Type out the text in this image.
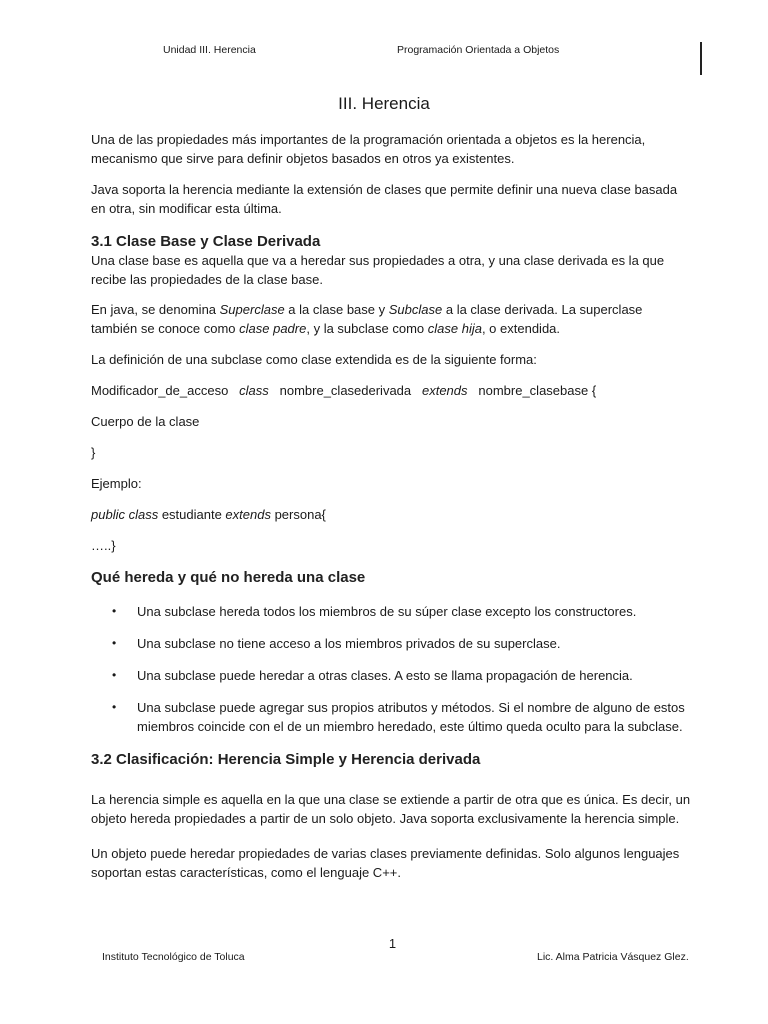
Unidad III. Herencia	Programación Orientada a Objetos
III. Herencia
Una de las propiedades más importantes de la programación orientada a objetos es la herencia, mecanismo que sirve para definir objetos basados en otros ya existentes.
Java soporta la herencia mediante la extensión de clases que permite definir una nueva clase basada en otra, sin modificar esta última.
3.1 Clase Base y Clase Derivada
Una clase base es aquella que va a heredar sus propiedades a otra, y una clase derivada es la que recibe las propiedades de la clase base.
En java, se denomina Superclase a la clase base y Subclase a la clase derivada. La superclase también se conoce como clase padre, y la subclase como clase hija, o extendida.
La definición de una subclase como clase extendida es de la siguiente forma:
Modificador_de_acceso   class   nombre_clasederivada   extends   nombre_clasebase {
Cuerpo de la clase
}
Ejemplo:
public class estudiante extends persona{
…..}
Qué hereda y qué no hereda una clase
• Una subclase hereda todos los miembros de su súper clase excepto los constructores.
• Una subclase no tiene acceso a los miembros privados de su superclase.
• Una subclase puede heredar a otras clases. A esto se llama propagación de herencia.
• Una subclase puede agregar sus propios atributos y métodos. Si el nombre de alguno de estos miembros coincide con el de un miembro heredado, este último queda oculto para la subclase.
3.2 Clasificación: Herencia Simple y Herencia derivada
La herencia simple es aquella en la que una clase se extiende a partir de otra que es única. Es decir, un objeto hereda propiedades a partir de un solo objeto. Java soporta exclusivamente la herencia simple.
Un objeto puede heredar propiedades de varias clases previamente definidas. Solo algunos lenguajes soportan estas características, como el lenguaje C++.
1
Instituto Tecnológico de Toluca	Lic. Alma Patricia Vásquez Glez.
